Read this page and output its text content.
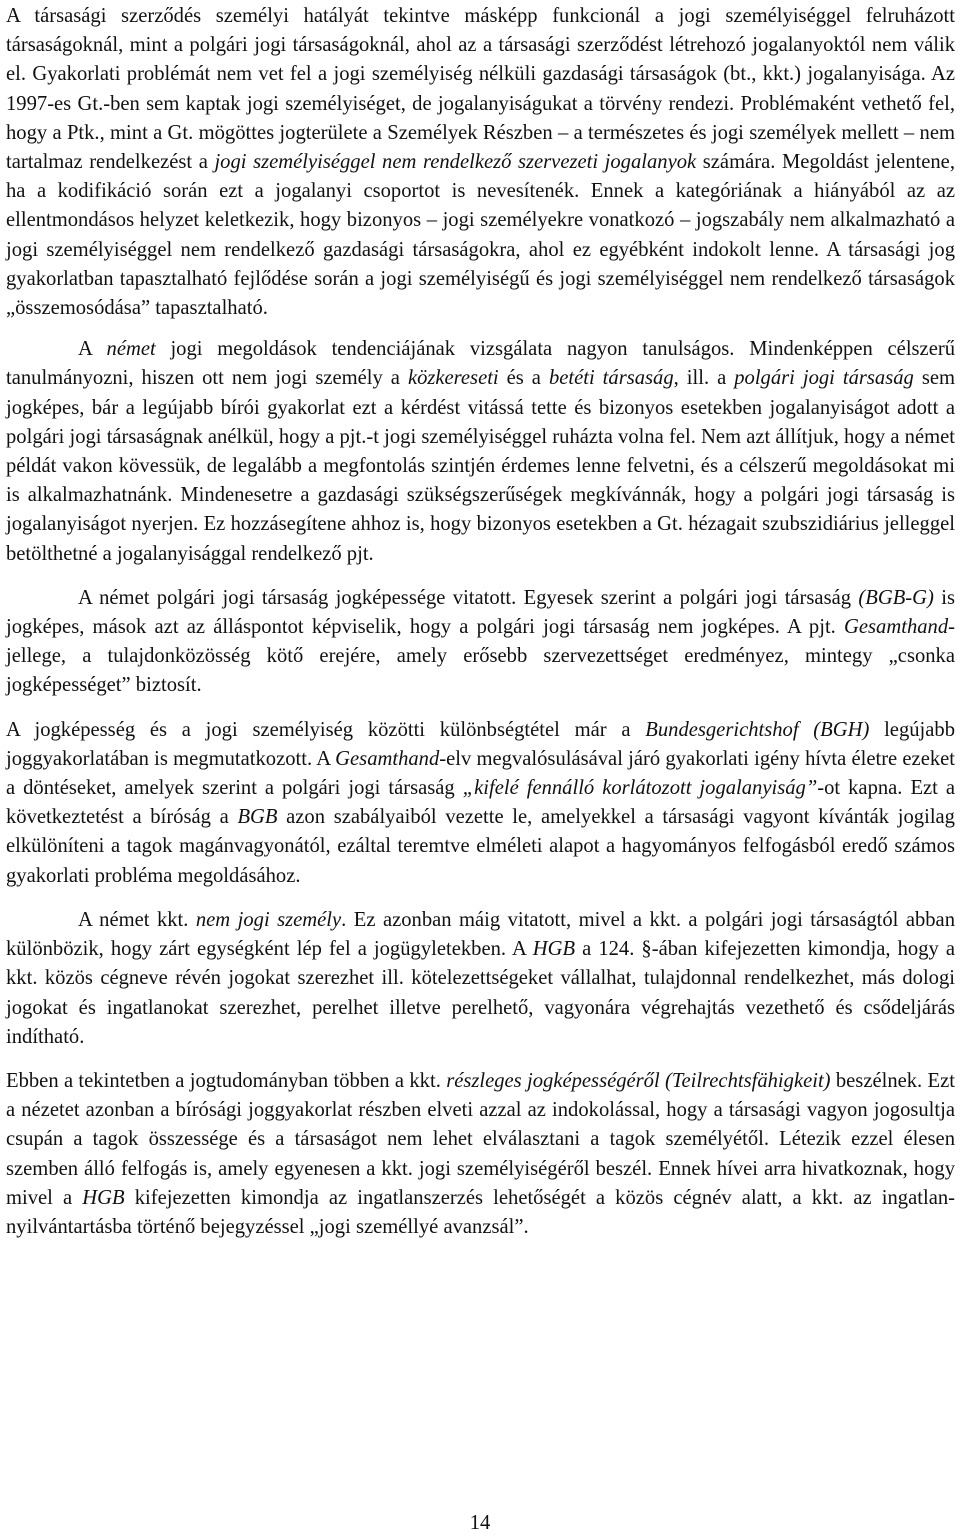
A társasági szerződés személyi hatályát tekintve másképp funkcionál a jogi személyiséggel felruházott társaságoknál, mint a polgári jogi társaságoknál, ahol az a társasági szerződést létrehozó jogalanyoktól nem válik el. Gyakorlati problémát nem vet fel a jogi személyiség nélküli gazdasági társaságok (bt., kkt.) jogalanyisága. Az 1997-es Gt.-ben sem kaptak jogi személyiséget, de jogalanyiságukat a törvény rendezi. Problémaként vethető fel, hogy a Ptk., mint a Gt. mögöttes jogterülete a Személyek Részben – a természetes és jogi személyek mellett – nem tartalmaz rendelkezést a jogi személyiséggel nem rendelkező szervezeti jogalanyok számára. Megoldást jelentene, ha a kodifikáció során ezt a jogalanyi csoportot is nevesítenék. Ennek a kategóriának a hiányából az az ellentmondásos helyzet keletkezik, hogy bizonyos – jogi személyekre vonatkozó – jogszabály nem alkalmazható a jogi személyiséggel nem rendelkező gazdasági társaságokra, ahol ez egyébként indokolt lenne. A társasági jog gyakorlatban tapasztalható fejlődése során a jogi személyiségű és jogi személyiséggel nem rendelkező társaságok „összemosódása” tapasztalható.

A német jogi megoldások tendenciájának vizsgálata nagyon tanulságos. Mindenképpen célszerű tanulmányozni, hiszen ott nem jogi személy a közkereseti és a betéti társaság, ill. a polgári jogi társaság sem jogképes, bár a legújabb bírói gyakorlat ezt a kérdést vitássá tette és bizonyos esetekben jogalanyiságot adott a polgári jogi társaságnak anélkül, hogy a pjt.-t jogi személyiséggel ruházta volna fel. Nem azt állítjuk, hogy a német példát vakon kövessük, de legalább a megfontolás szintjén érdemes lenne felvetni, és a célszerű megoldásokat mi is alkalmazhatnánk. Mindenesetre a gazdasági szükségszerűségek megkívánnák, hogy a polgári jogi társaság is jogalanyiságot nyerjen. Ez hozzásegítene ahhoz is, hogy bizonyos esetekben a Gt. hézagait szubszidiárius jelleggel betölthetné a jogalanyisággal rendelkező pjt.

A német polgári jogi társaság jogképessége vitatott. Egyesek szerint a polgári jogi társaság (BGB-G) is jogképes, mások azt az álláspontot képviselik, hogy a polgári jogi társaság nem jogképes. A pjt. Gesamthand- jellege, a tulajdonközösség kötő erejére, amely erősebb szervezettséget eredményez, mintegy „csonka jogképességet” biztosít.

A jogképesség és a jogi személyiség közötti különbségtétel már a Bundesgerichtshof (BGH) legújabb joggyakorlatában is megmutatkozott. A Gesamthand-elv megvalósulásával járó gyakorlati igény hívta életre ezeket a döntéseket, amelyek szerint a polgári jogi társaság „kifelé fennálló korlátozott jogalanyiság”-ot kapna. Ezt a következtetést a bíróság a BGB azon szabályaiból vezette le, amelyekkel a társasági vagyont kívánták jogilag elkülöníteni a tagok magánvagyonától, ezáltal teremtve elméleti alapot a hagyományos felfogásból eredő számos gyakorlati probléma megoldásához.

A német kkt. nem jogi személy. Ez azonban máig vitatott, mivel a kkt. a polgári jogi társaságtól abban különbözik, hogy zárt egységként lép fel a jogügyletekben. A HGB a 124. §-ában kifejezetten kimondja, hogy a kkt. közös cégneve révén jogokat szerezhet ill. kötelezettségeket vállalhat, tulajdonnal rendelkezhet, más dologi jogokat és ingatlanokat szerezhet, perelhet illetve perelhető, vagyonára végrehajtás vezethető és csődeljárás indítható.

Ebben a tekintetben a jogtudományban többen a kkt. részleges jogképességéről (Teilrechtsfähigkeit) beszélnek. Ezt a nézetet azonban a bírósági joggyakorlat részben elveti azzal az indokolással, hogy a társasági vagyon jogosultja csupán a tagok összessége és a társaságot nem lehet elválasztani a tagok személyétől. Létezik ezzel élesen szemben álló felfogás is, amely egyenesen a kkt. jogi személyiségéről beszél. Ennek hívei arra hivatkoznak, hogy mivel a HGB kifejezetten kimondja az ingatlanszerzés lehetőségét a közös cégnév alatt, a kkt. az ingatlan-nyilvántartásba történő bejegyzéssel „jogi személlyé avanzsál”.

14
